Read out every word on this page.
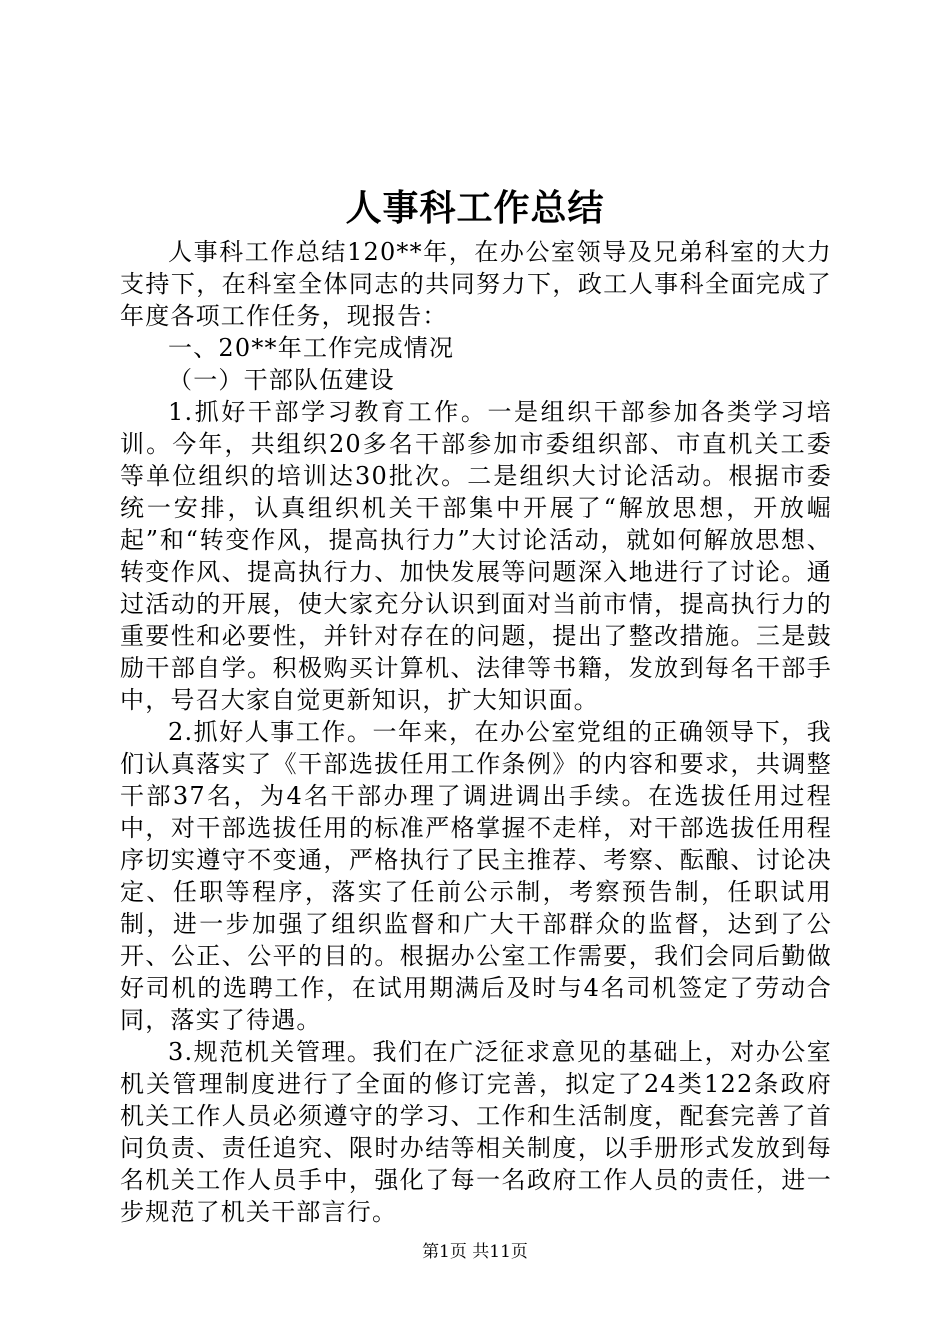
人事科工作总结

人事科工作总结120**年，在办公室领导及兄弟科室的大力支持下，在科室全体同志的共同努力下，政工人事科全面完成了年度各项工作任务，现报告：

一、20**年工作完成情况

（一）干部队伍建设

1.抓好干部学习教育工作。一是组织干部参加各类学习培训。今年，共组织20多名干部参加市委组织部、市直机关工委等单位组织的培训达30批次。二是组织大讨论活动。根据市委统一安排，认真组织机关干部集中开展了“解放思想，开放崛起”和“转变作风，提高执行力”大讨论活动，就如何解放思想、转变作风、提高执行力、加快发展等问题深入地进行了讨论。通过活动的开展，使大家充分认识到面对当前市情，提高执行力的重要性和必要性，并针对存在的问题，提出了整改措施。三是鼓励干部自学。积极购买计算机、法律等书籍，发放到每名干部手中，号召大家自觉更新知识，扩大知识面。

2.抓好人事工作。一年来，在办公室党组的正确领导下，我们认真落实了《干部选拔任用工作条例》的内容和要求，共调整干部37名，为4名干部办理了调进调出手续。在选拔任用过程中，对干部选拔任用的标准严格掌握不走样，对干部选拔任用程序切实遵守不变通，严格执行了民主推荐、考察、酝酿、讨论决定、任职等程序，落实了任前公示制，考察预告制，任职试用制，进一步加强了组织监督和广大干部群众的监督，达到了公开、公正、公平的目的。根据办公室工作需要，我们会同后勤做好司机的选聘工作，在试用期满后及时与4名司机签定了劳动合同，落实了待遇。

3.规范机关管理。我们在广泛征求意见的基础上，对办公室机关管理制度进行了全面的修订完善，拟定了24类122条政府机关工作人员必须遵守的学习、工作和生活制度，配套完善了首问负责、责任追究、限时办结等相关制度，以手册形式发放到每名机关工作人员手中，强化了每一名政府工作人员的责任，进一步规范了机关干部言行。

第1页 共11页
